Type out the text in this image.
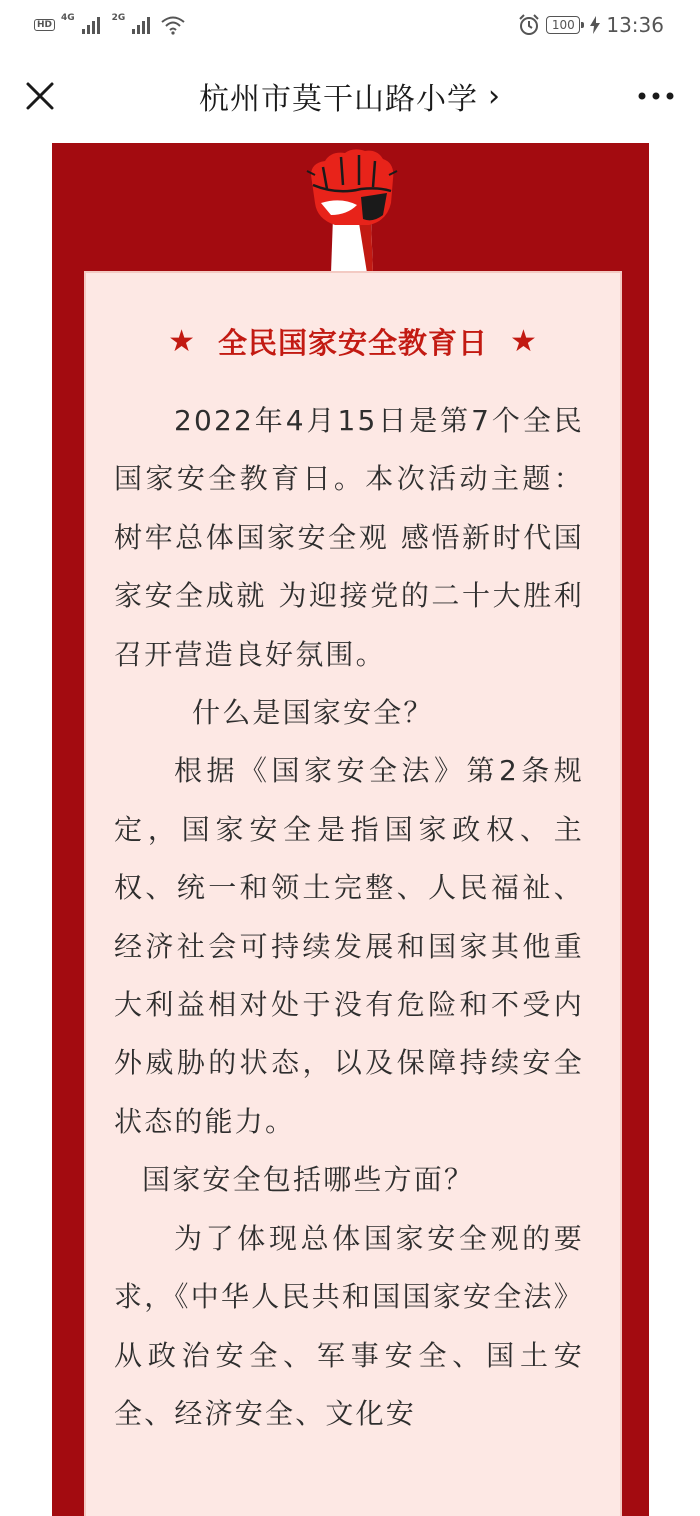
HD
4G	2G	100 13:36
杭州市莫干山路小学 ›
★ 全民国家安全教育日 ★

2022年4月15日是第7个全民国家安全教育日。本次活动主题：树牢总体国家安全观 感悟新时代国家安全成就 为迎接党的二十大胜利召开营造良好氛围。

什么是国家安全？

根据《国家安全法》第2条规定，国家安全是指国家政权、主权、统一和领土完整、人民福祉、经济社会可持续发展和国家其他重大利益相对处于没有危险和不受内外威胁的状态，以及保障持续安全状态的能力。

国家安全包括哪些方面？

为了体现总体国家安全观的要求，《中华人民共和国国家安全法》从政治安全、军事安全、国土安全、经济安全、文化安
